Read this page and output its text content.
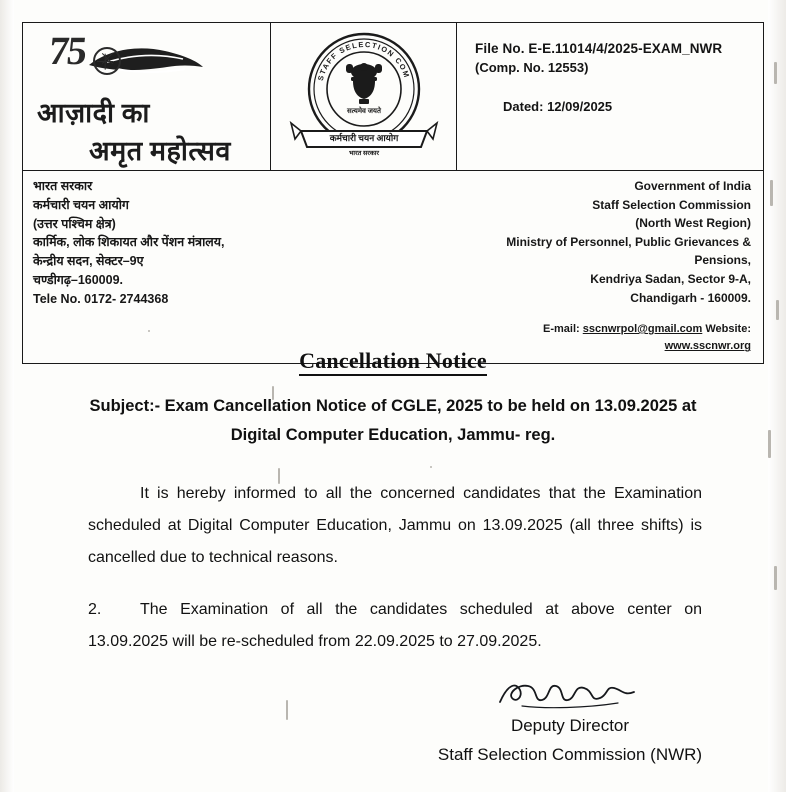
75
आज़ादी का
अमृत महोत्सव
STAFF SELECTION COM
सत्यमेव जयते
कर्मचारी चयन आयोग
भारत सरकार
File No. E-E.11014/4/2025-EXAM_NWR
(Comp. No. 12553)
Dated: 12/09/2025
भारत सरकार
कर्मचारी चयन आयोग
(उत्तर पश्चिम क्षेत्र)
कार्मिक, लोक शिकायत और पेंशन मंत्रालय,
केन्द्रीय सदन, सेक्टर–9ए
चण्डीगढ़–160009.
Tele No. 0172- 2744368
Government of India
Staff Selection Commission
(North West Region)
Ministry of Personnel, Public Grievances & Pensions,
Kendriya Sadan, Sector 9-A,
Chandigarh - 160009.
E-mail: sscnwrpol@gmail.com Website: www.sscnwr.org
Cancellation Notice
Subject:- Exam Cancellation Notice of CGLE, 2025 to be held on 13.09.2025 at Digital Computer Education, Jammu- reg.
It is hereby informed to all the concerned candidates that the Examination scheduled at Digital Computer Education, Jammu on 13.09.2025 (all three shifts) is cancelled due to technical reasons.
2. The Examination of all the candidates scheduled at above center on 13.09.2025 will be re-scheduled from 22.09.2025 to 27.09.2025.
Deputy Director
Staff Selection Commission (NWR)
